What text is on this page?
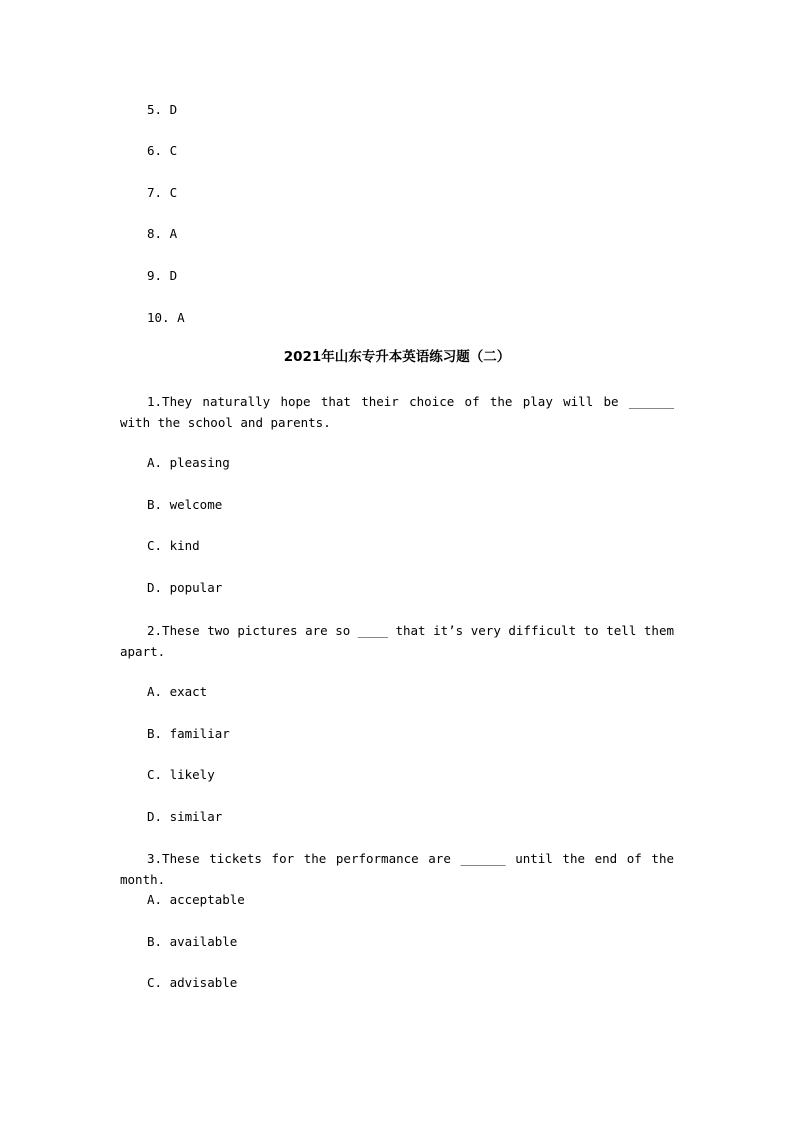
5. D
6. C
7. C
8. A
9. D
10. A
2021年山东专升本英语练习题（二）
1.They naturally hope that their choice of the play will be ______ with the school and parents.
A. pleasing
B. welcome
C. kind
D. popular
2.These two pictures are so ____ that it’s very difficult to tell them apart.
A. exact
B. familiar
C. likely
D. similar
3.These tickets for the performance are ______ until the end of the month.
A. acceptable
B. available
C. advisable
